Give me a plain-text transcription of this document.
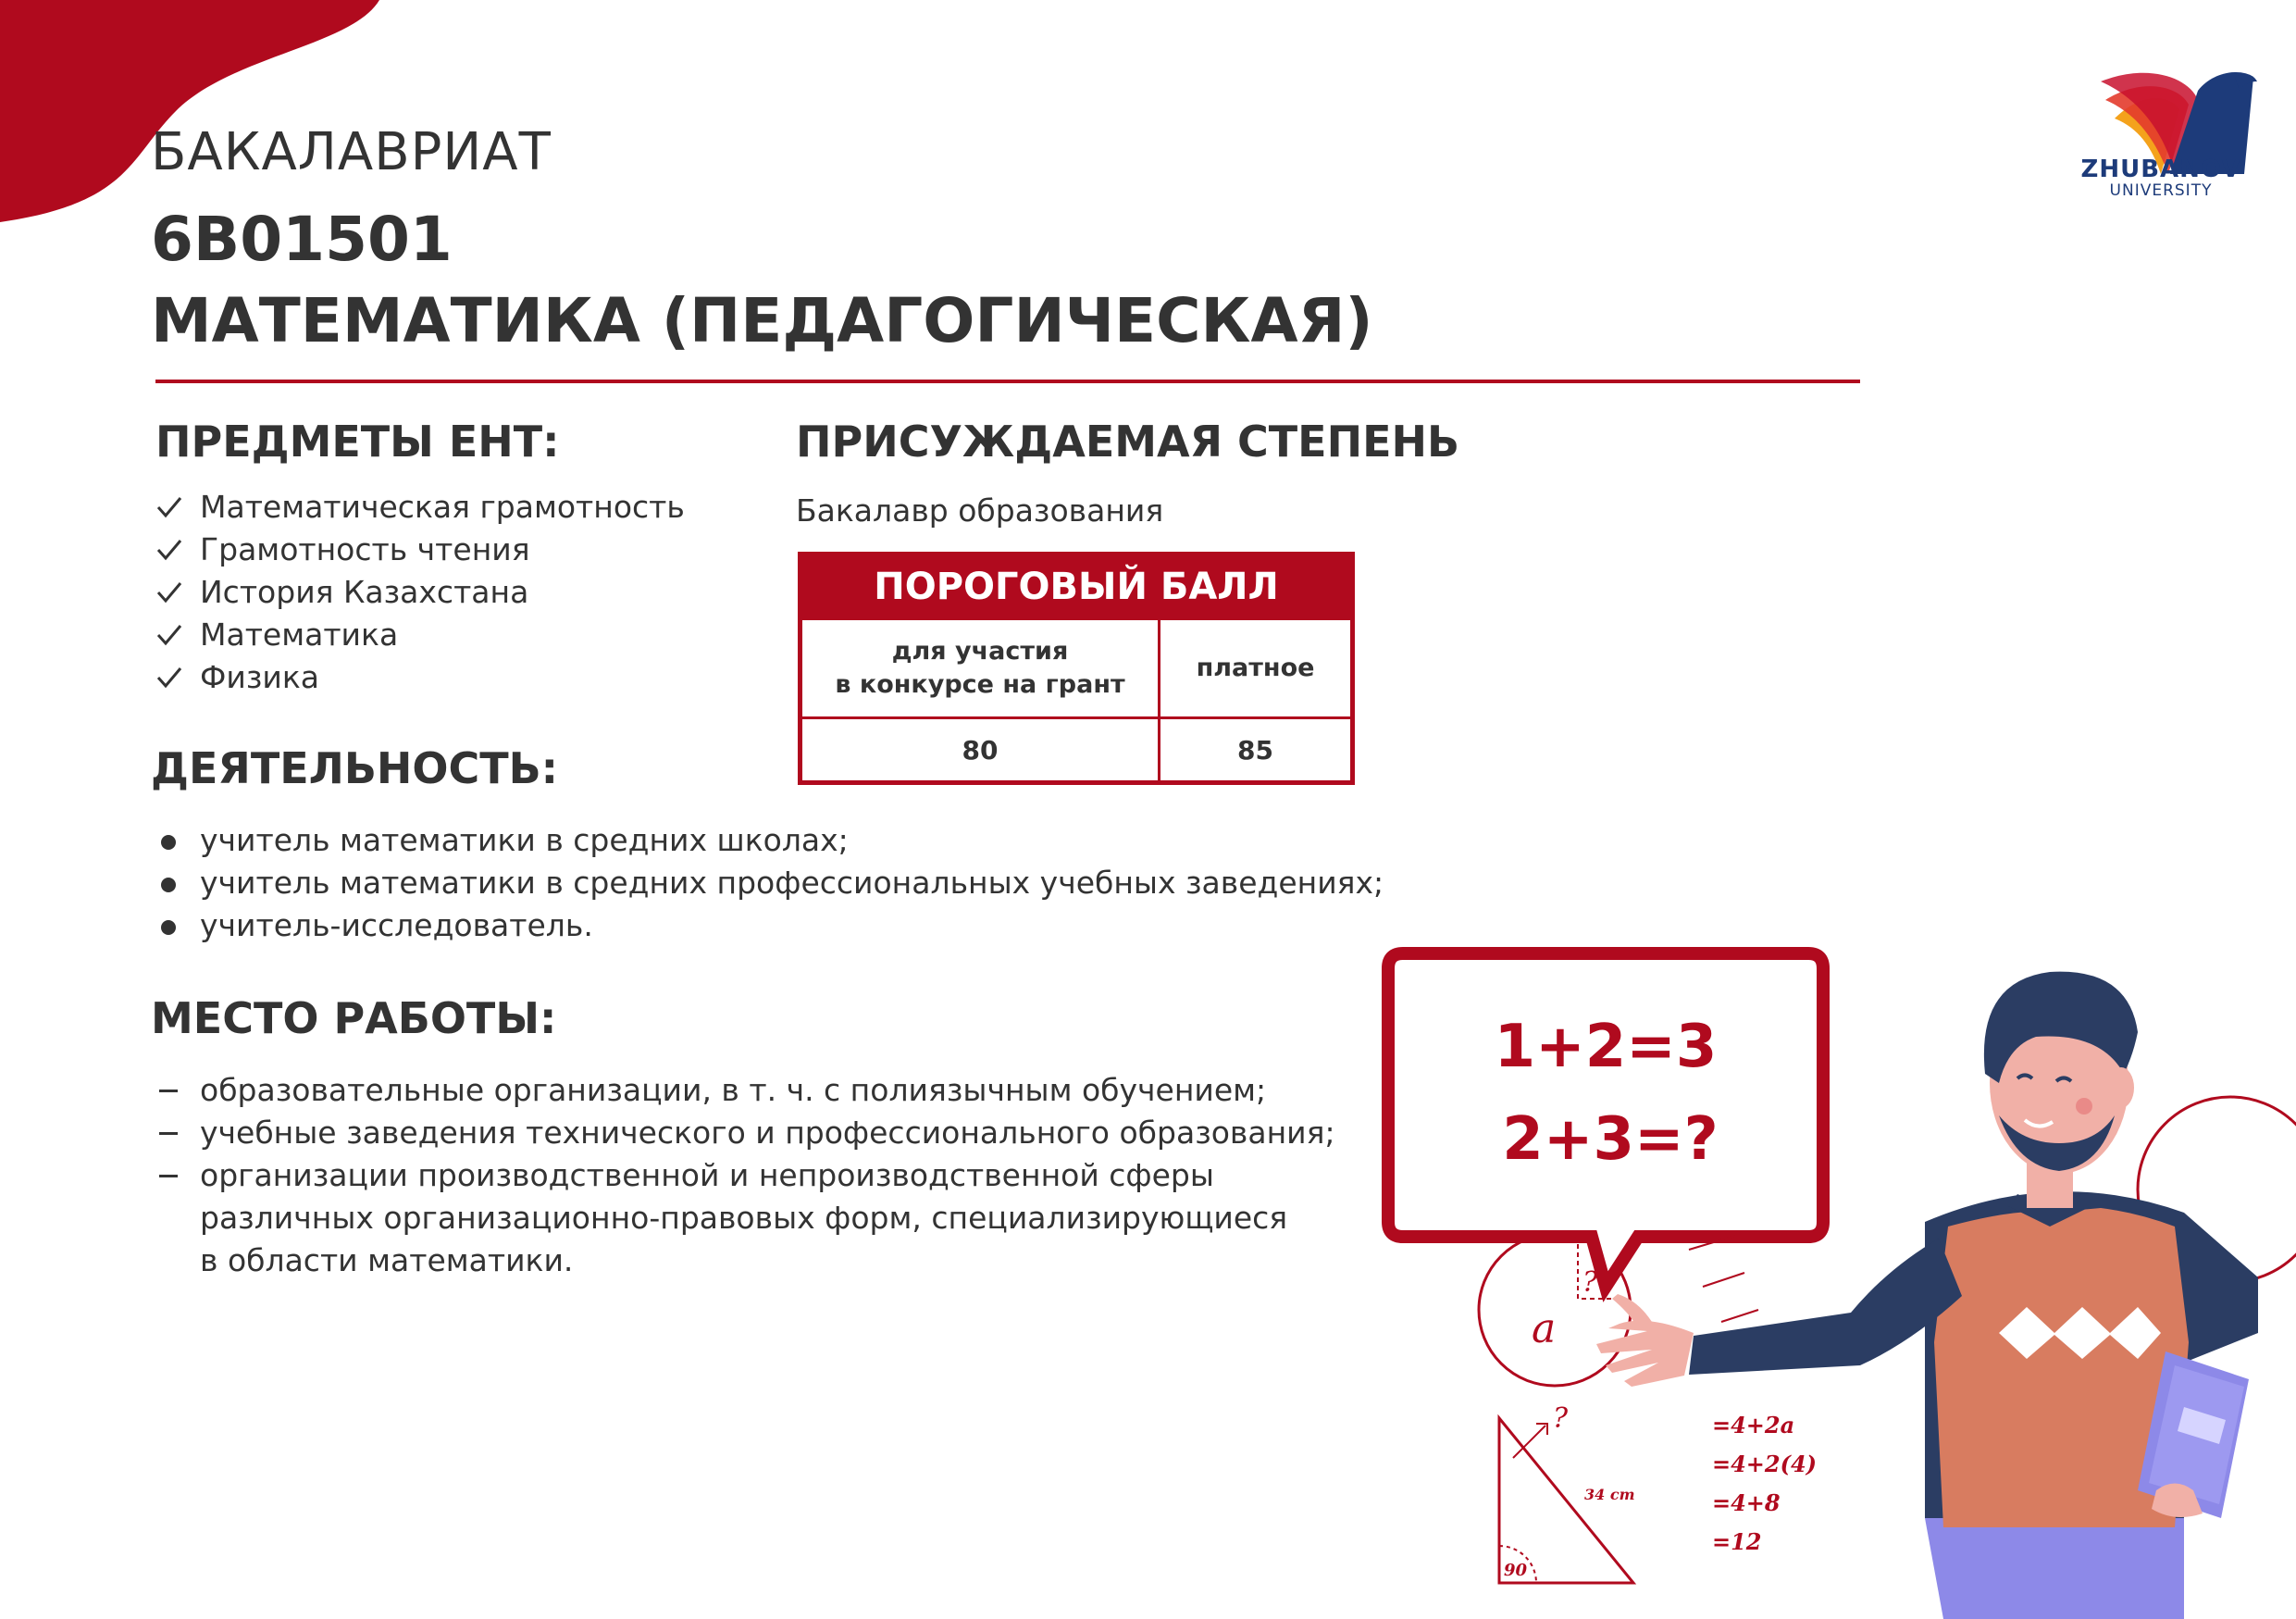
ZHUBANOV
UNIVERSITY
БАКАЛАВРИАТ
6В01501
МАТЕМАТИКА (ПЕДАГОГИЧЕСКАЯ)
ПРЕДМЕТЫ ЕНТ:
Математическая грамотность
Грамотность чтения
История Казахстана
Математика
Физика
ПРИСУЖДАЕМАЯ СТЕПЕНЬ
Бакалавр образования
ПОРОГОВЫЙ БАЛЛ	
для участия
в конкурсе на грант	платное
80	85
ДЕЯТЕЛЬНОСТЬ:
учитель математики в средних школах;
учитель математики в средних профессиональных учебных заведениях;
учитель-исследователь.
МЕСТО РАБОТЫ:
образовательные организации, в т. ч. с полиязычным обучением;
учебные заведения технического и профессионального образования;
организации производственной и непроизводственной сферы
различных организационно-правовых форм, специализирующиеся
в области математики.
1+2=3
2+3=?
?
a
?
34 cm
90
=4+2a
=4+2(4)
=4+8
=12
